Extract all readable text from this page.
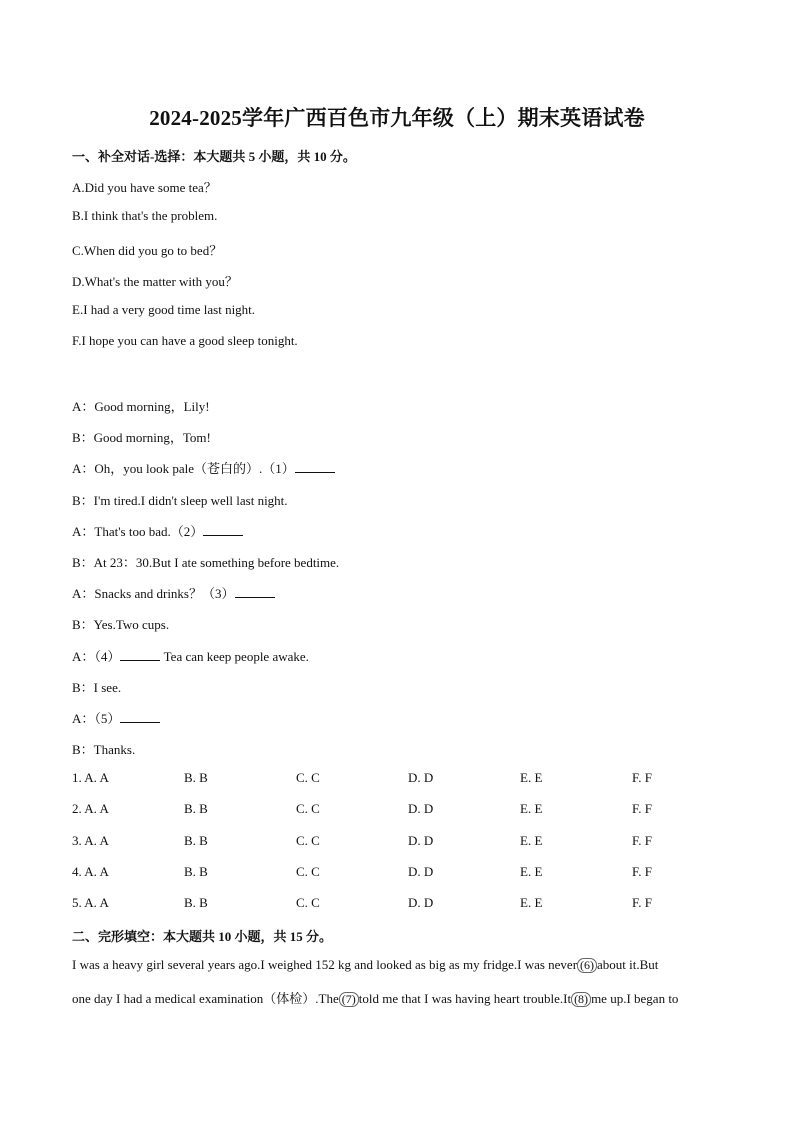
2024-2025学年广西百色市九年级（上）期末英语试卷
一、补全对话-选择：本大题共 5 小题，共 10 分。
A.Did you have some tea？
B.I think that's the problem.
C.When did you go to bed？
D.What's the matter with you？
E.I had a very good time last night.
F.I hope you can have a good sleep tonight.
A：Good morning，Lily!
B：Good morning，Tom!
A：Oh，you look pale（苍白的）.（1）
B：I'm tired.I didn't sleep well last night.
A：That's too bad.（2）
B：At 23：30.But I ate something before bedtime.
A：Snacks and drinks？（3）
B：Yes.Two cups.
A：（4）	Tea can keep people awake.
B：I see.
A：（5）
B：Thanks.
1. A. A	B. B	C. C	D. D	E. E	F. F
2. A. A	B. B	C. C	D. D	E. E	F. F
3. A. A	B. B	C. C	D. D	E. E	F. F
4. A. A	B. B	C. C	D. D	E. E	F. F
5. A. A	B. B	C. C	D. D	E. E	F. F
二、完形填空：本大题共 10 小题，共 15 分。
I was a heavy girl several years ago.I weighed 152 kg and looked as big as my fridge.I was never (6) about it.But
one day I had a medical examination（体检）.The (7) told me that I was having heart trouble.It (8) me up.I began to
